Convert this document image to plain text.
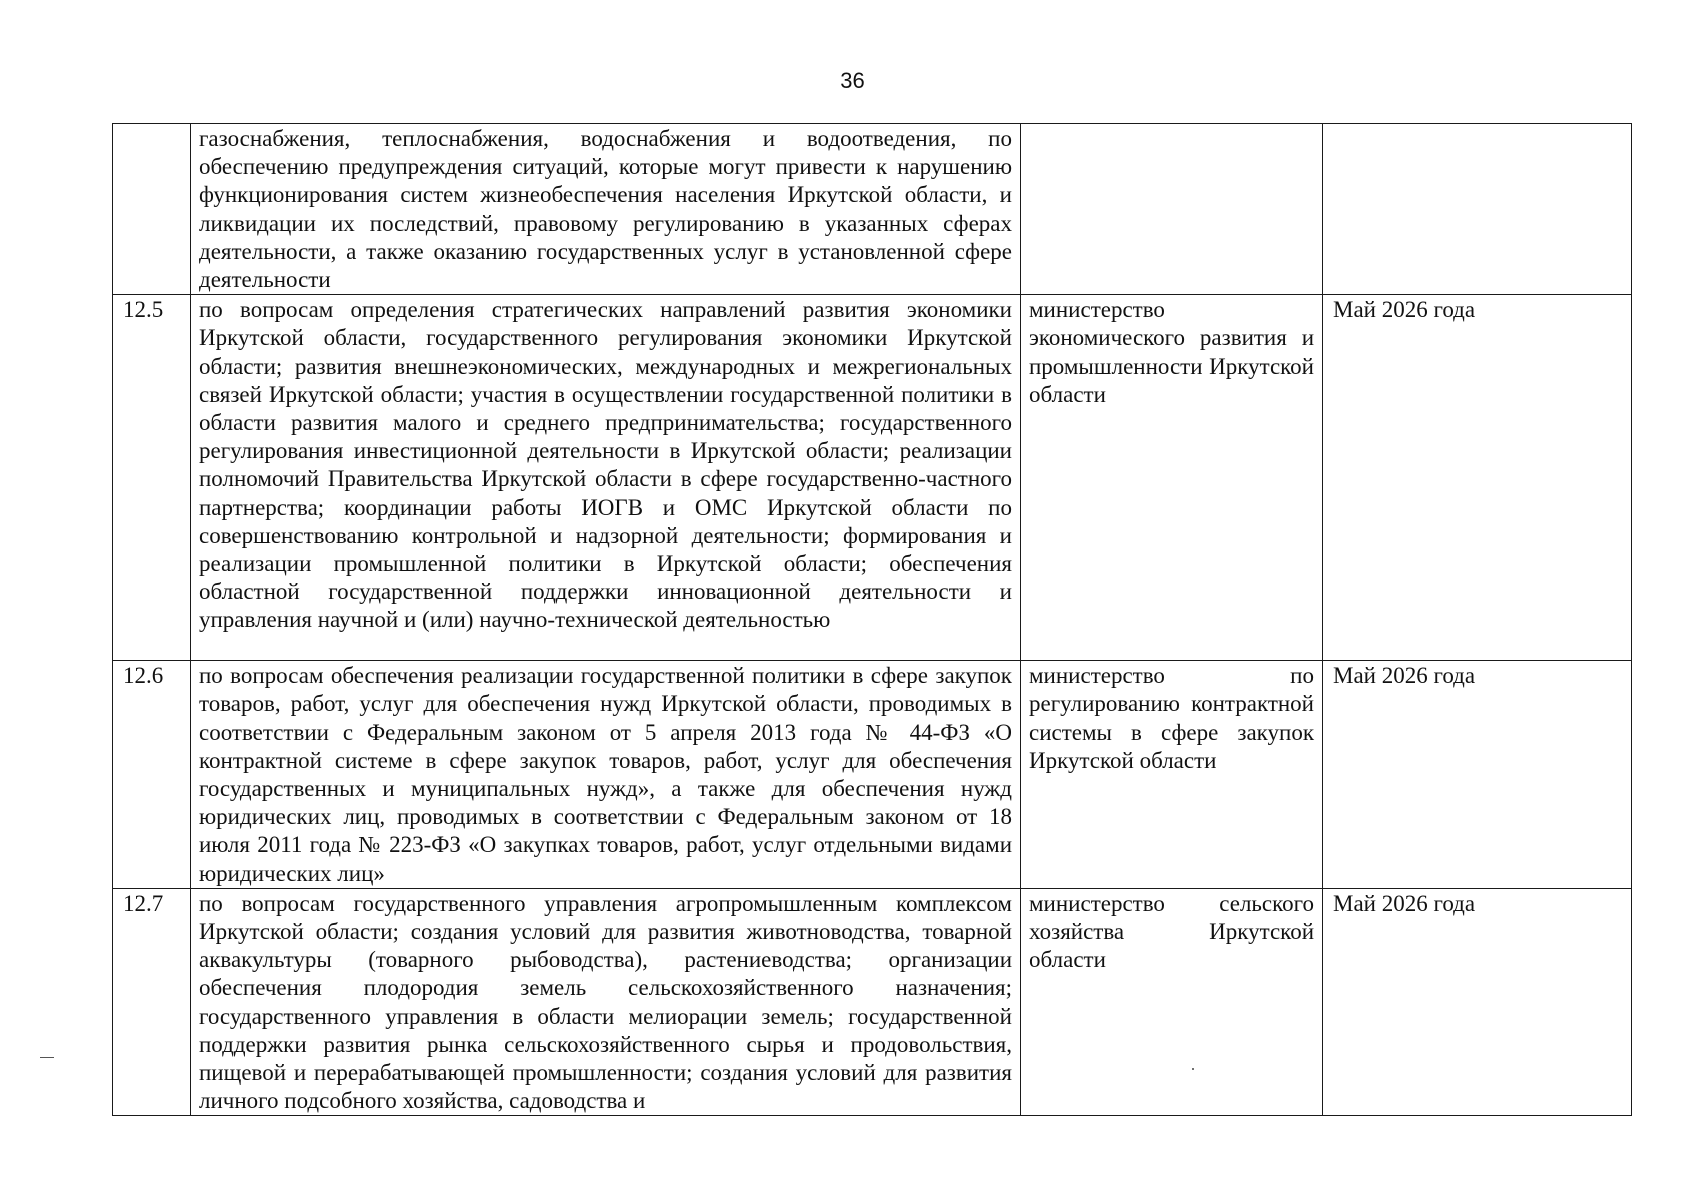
36
	газоснабжения, теплоснабжения, водоснабжения и водоотведения, по обеспечению предупреждения ситуаций, которые могут привести к нарушению функционирования систем жизнеобеспечения населения Иркутской области, и ликвидации их последствий, правовому регулированию в указанных сферах деятельности, а также оказанию государственных услуг в установленной сфере деятельности		
12.5	по вопросам определения стратегических направлений развития экономики Иркутской области, государственного регулирования экономики Иркутской области; развития внешнеэкономических, международных и межрегиональных связей Иркутской области; участия в осуществлении государственной политики в области развития малого и среднего предпринимательства; государственного регулирования инвестиционной деятельности в Иркутской области; реализации полномочий Правительства Иркутской области в сфере государственно-частного партнерства; координации работы ИОГВ и ОМС Иркутской области по совершенствованию контрольной и надзорной деятельности; формирования и реализации промышленной политики в Иркутской области; обеспечения областной государственной поддержки инновационной деятельности и управления научной и (или) научно-технической деятельностью	министерство экономического развития и промышленности Иркутской области	Май 2026 года
12.6	по вопросам обеспечения реализации государственной политики в сфере закупок товаров, работ, услуг для обеспечения нужд Иркутской области, проводимых в соответствии с Федеральным законом от 5 апреля 2013 года № 44-ФЗ «О контрактной системе в сфере закупок товаров, работ, услуг для обеспечения государственных и муниципальных нужд», а также для обеспечения нужд юридических лиц, проводимых в соответствии с Федеральным законом от 18 июля 2011 года № 223-ФЗ «О закупках товаров, работ, услуг отдельными видами юридических лиц»	министерство по регулированию контрактной системы в сфере закупок Иркутской области	Май 2026 года
12.7	по вопросам государственного управления агропромышленным комплексом Иркутской области; создания условий для развития животноводства, товарной аквакультуры (товарного рыбоводства), растениеводства; организации обеспечения плодородия земель сельскохозяйственного назначения; государственного управления в области мелиорации земель; государственной поддержки развития рынка сельскохозяйственного сырья и продовольствия, пищевой и перерабатывающей промышленности; создания условий для развития личного подсобного хозяйства, садоводства и	министерство сельского хозяйства Иркутской области	Май 2026 года
